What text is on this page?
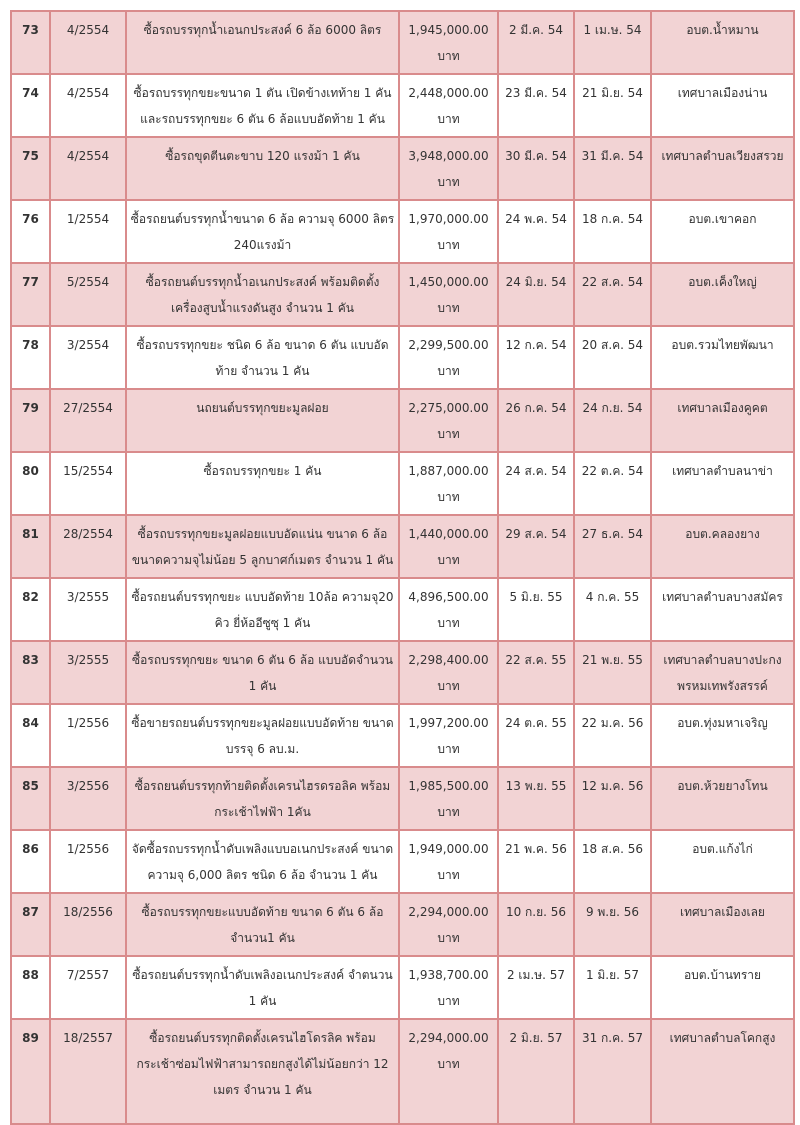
73	4/2554	ซื้อรถบรรทุกน้ำเอนกประสงค์ 6 ล้อ 6000 ลิตร	1,945,000.00
บาท	2 มี.ค. 54	1 เม.ษ. 54	อบต.น้ำหมาน
74	4/2554	ซื้อรถบรรทุกขยะขนาด 1 ตัน เปิดข้างเทท้าย 1 คัน และรถบรรทุกขยะ 6 ตัน 6 ล้อแบบอัดท้าย 1 คัน	2,448,000.00
บาท	23 มี.ค. 54	21 มิ.ย. 54	เทศบาลเมืองน่าน
75	4/2554	ซื้อรถขุดตีนตะขาบ 120 แรงม้า 1 คัน	3,948,000.00
บาท	30 มี.ค. 54	31 มี.ค. 54	เทศบาลตำบลเวียงสรวย
76	1/2554	ซื้อรถยนต์บรรทุกน้ำขนาด 6 ล้อ ความจุ 6000 ลิตร 240แรงม้า	1,970,000.00
บาท	24 พ.ค. 54	18 ก.ค. 54	อบต.เขาคอก
77	5/2554	ซื้อรถยนต์บรรทุกน้ำอเนกประสงค์ พร้อมติดตั้งเครื่องสูบน้ำแรงดันสูง จำนวน 1 คัน	1,450,000.00
บาท	24 มิ.ย. 54	22 ส.ค. 54	อบต.เค็งใหญ่
78	3/2554	ซื้อรถบรรทุกขยะ ชนิด 6 ล้อ ขนาด 6 ตัน แบบอัดท้าย จำนวน 1 คัน	2,299,500.00
บาท	12 ก.ค. 54	20 ส.ค. 54	อบต.รวมไทยพัฒนา
79	27/2554	นถยนต์บรรทุกขยะมูลฝอย	2,275,000.00
บาท	26 ก.ค. 54	24 ก.ย. 54	เทศบาลเมืองคูคต
80	15/2554	ซื้อรถบรรทุกขยะ 1 คัน	1,887,000.00
บาท	24 ส.ค. 54	22 ต.ค. 54	เทศบาลตำบลนาข่า
81	28/2554	ซื้อรถบรรทุกขยะมูลฝอยแบบอัดแน่น ขนาด 6 ล้อ ขนาดความจุไม่น้อย 5 ลูกบาศก์เมตร จำนวน 1 คัน	1,440,000.00
บาท	29 ส.ค. 54	27 ธ.ค. 54	อบต.คลองยาง
82	3/2555	ซื้อรถยนต์บรรทุกขยะ แบบอัดท้าย 10ล้อ ความจุ20 คิว ยี่ห้ออีซูซุ 1 คัน	4,896,500.00
บาท	5 มิ.ย. 55	4 ก.ค. 55	เทศบาลตำบลบางสมัคร
83	3/2555	ซื้อรถบรรทุกขยะ ขนาด 6 ตัน 6 ล้อ แบบอัดจำนวน 1 คัน	2,298,400.00
บาท	22 ส.ค. 55	21 พ.ย. 55	เทศบาลตำบลบางปะกง พรหมเทพรังสรรค์
84	1/2556	ซื้อขายรถยนต์บรรทุกขยะมูลฝอยแบบอัดท้าย ขนาด บรรจุ 6 ลบ.ม.	1,997,200.00
บาท	24 ต.ค. 55	22 ม.ค. 56	อบต.ทุ่งมหาเจริญ
85	3/2556	ซื้อรถยนต์บรรทุกท้ายติดตั้งเครนไฮรดรอลิค พร้อม กระเช้าไฟฟ้า 1คัน	1,985,500.00
บาท	13 พ.ย. 55	12 ม.ค. 56	อบต.ห้วยยางโทน
86	1/2556	จัดซื้อรถบรรทุกน้ำดับเพลิงแบบอเนกประสงค์ ขนาด ความจุ 6,000 ลิตร ชนิด 6 ล้อ จำนวน 1 คัน	1,949,000.00
บาท	21 พ.ค. 56	18 ส.ค. 56	อบต.แก้งไก่
87	18/2556	ซื้อรถบรรทุกขยะแบบอัดท้าย ขนาด 6 ตัน 6 ล้อ จำนวน1 คัน	2,294,000.00
บาท	10 ก.ย. 56	9 พ.ย. 56	เทศบาลเมืองเลย
88	7/2557	ซื้อรถยนต์บรรทุกน้ำดับเพลิงอเนกประสงค์ จำตนวน 1 คัน	1,938,700.00
บาท	2 เม.ษ. 57	1 มิ.ย. 57	อบต.บ้านทราย
89	18/2557	ซื้อรถยนต์บรรทุกติดตั้งเครนไฮโดรลิค พร้อมกระเช้าซ่อมไฟฟ้าสามารถยกสูงได้ไม่น้อยกว่า 12 เมตร จำนวน 1 คัน	2,294,000.00
บาท	2 มิ.ย. 57	31 ก.ค. 57	เทศบาลตำบลโคกสูง
